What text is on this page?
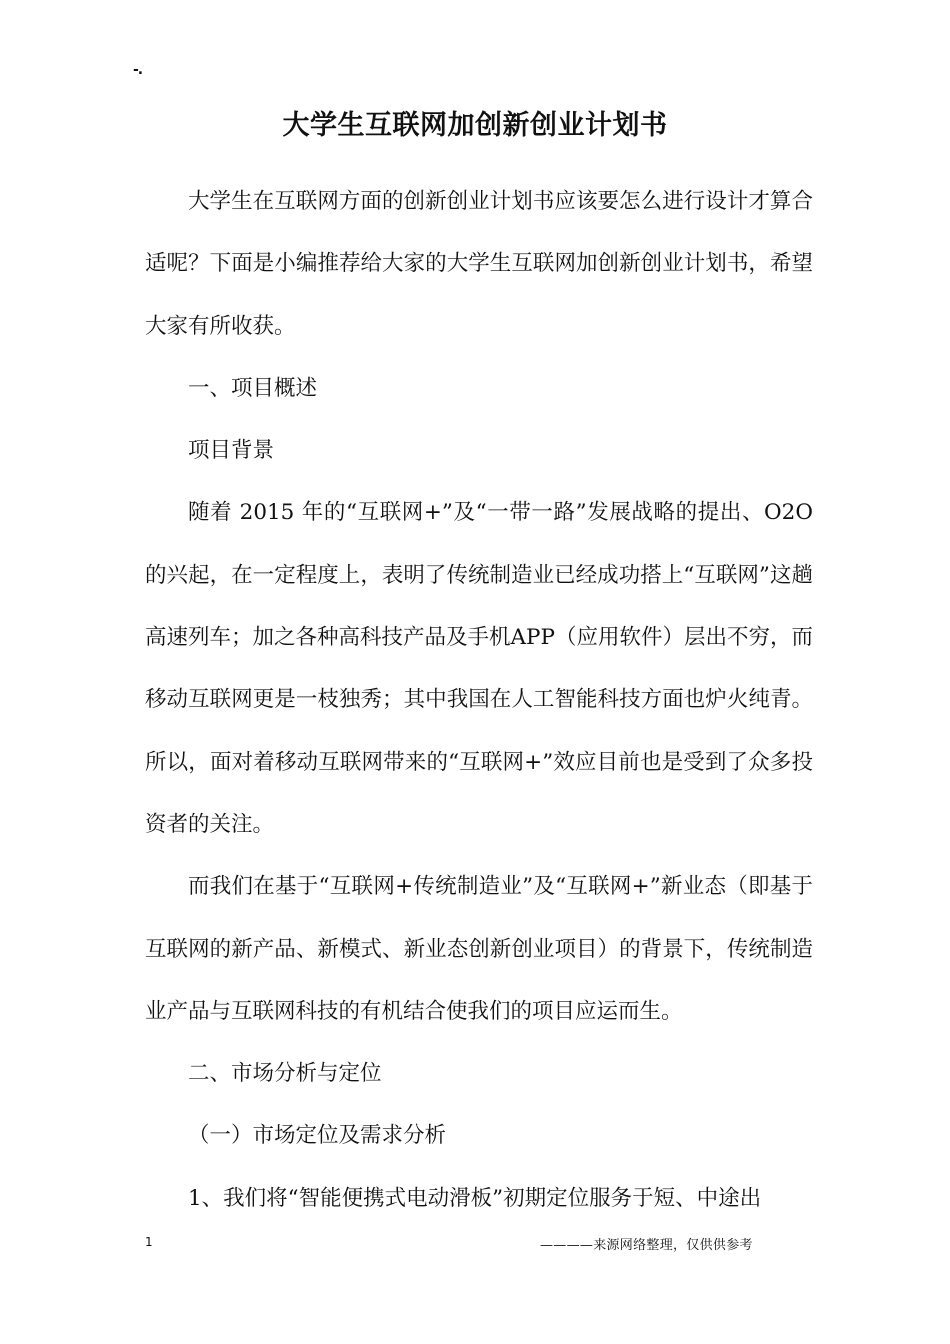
-.
大学生互联网加创新创业计划书

大学生在互联网方面的创新创业计划书应该要怎么进行设计才算合适呢？下面是小编推荐给大家的大学生互联网加创新创业计划书，希望大家有所收获。

一、项目概述

项目背景

随着 2015 年的“互联网+”及“一带一路”发展战略的提出、O2O 的兴起，在一定程度上，表明了传统制造业已经成功搭上“互联网”这趟高速列车；加之各种高科技产品及手机APP（应用软件）层出不穷，而移动互联网更是一枝独秀；其中我国在人工智能科技方面也炉火纯青。所以，面对着移动互联网带来的“互联网+”效应目前也是受到了众多投资者的关注。

而我们在基于“互联网+传统制造业”及“互联网+”新业态（即基于互联网的新产品、新模式、新业态创新创业项目）的背景下，传统制造业产品与互联网科技的有机结合使我们的项目应运而生。

二、市场分析与定位

（一）市场定位及需求分析

1、我们将“智能便携式电动滑板”初期定位服务于短、中途出

1	————来源网络整理，仅供供参考
